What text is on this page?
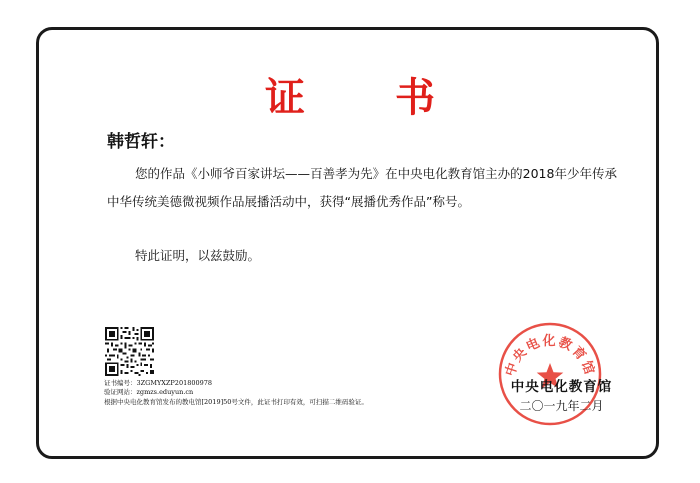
证 书
韩哲轩：
您的作品《小师爷百家讲坛——百善孝为先》在中央电化教育馆主办的2018年少年传承中华传统美德微视频作品展播活动中，获得“展播优秀作品”称号。
特此证明，以兹鼓励。
证书编号：3ZGMYXZP201800978
验证网站：zgmzs.eduyun.cn
根据中央电化教育馆发布的教电馆[2019]50号文件，此证书打印有效，可扫描二维码验证。
中央电化教育馆
中央电化教育馆
二〇一九年二月
